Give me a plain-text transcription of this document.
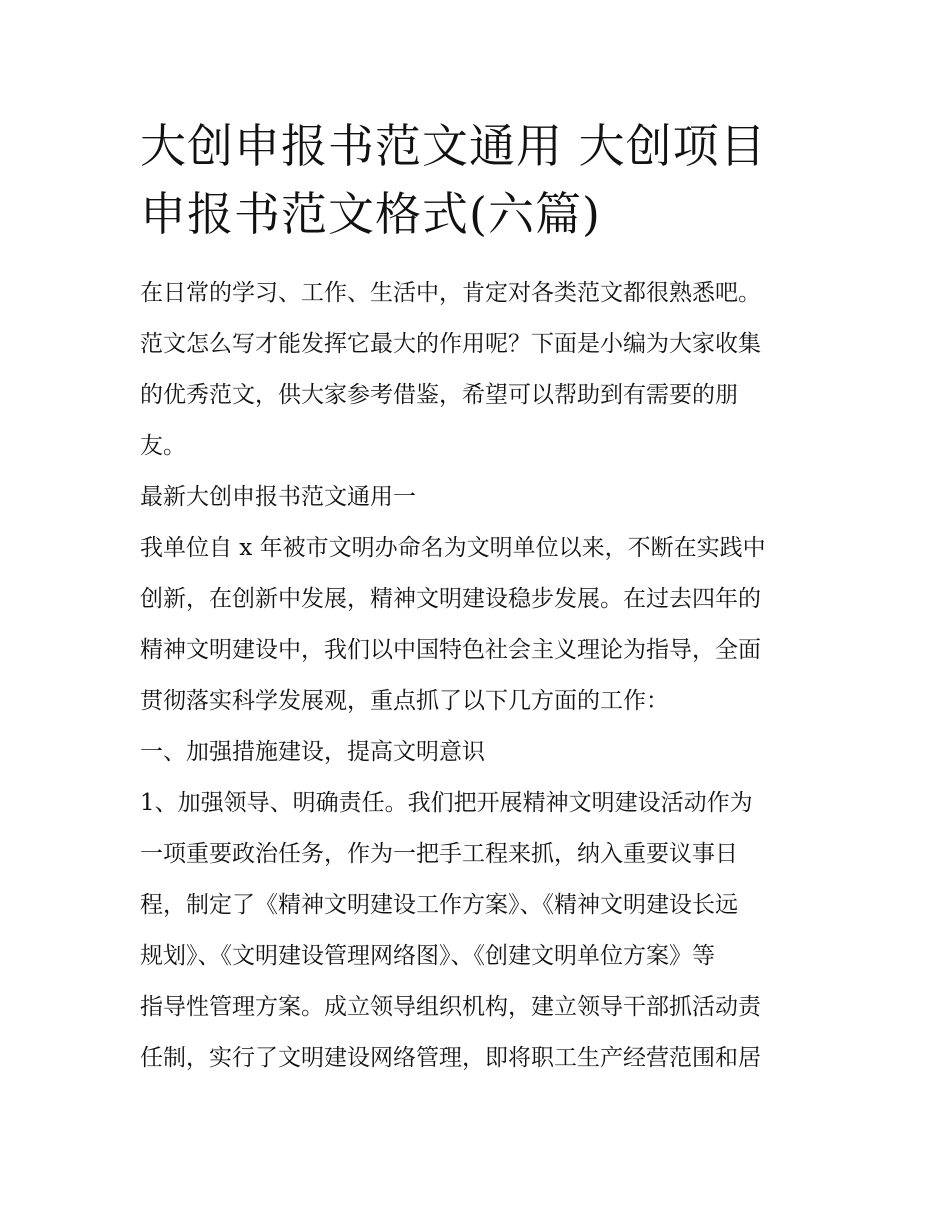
大创申报书范文通用 大创项目
申报书范文格式(六篇)

在日常的学习、工作、生活中，肯定对各类范文都很熟悉吧。
范文怎么写才能发挥它最大的作用呢？下面是小编为大家收集
的优秀范文，供大家参考借鉴，希望可以帮助到有需要的朋
友。

最新大创申报书范文通用一

我单位自 x 年被市文明办命名为文明单位以来，不断在实践中
创新，在创新中发展，精神文明建设稳步发展。在过去四年的
精神文明建设中，我们以中国特色社会主义理论为指导，全面
贯彻落实科学发展观，重点抓了以下几方面的工作：

一、加强措施建设，提高文明意识

1、加强领导、明确责任。我们把开展精神文明建设活动作为
一项重要政治任务，作为一把手工程来抓，纳入重要议事日
程，制定了《精神文明建设工作方案》、《精神文明建设长远
规划》、《文明建设管理网络图》、《创建文明单位方案》等
指导性管理方案。成立领导组织机构，建立领导干部抓活动责
任制，实行了文明建设网络管理，即将职工生产经营范围和居
